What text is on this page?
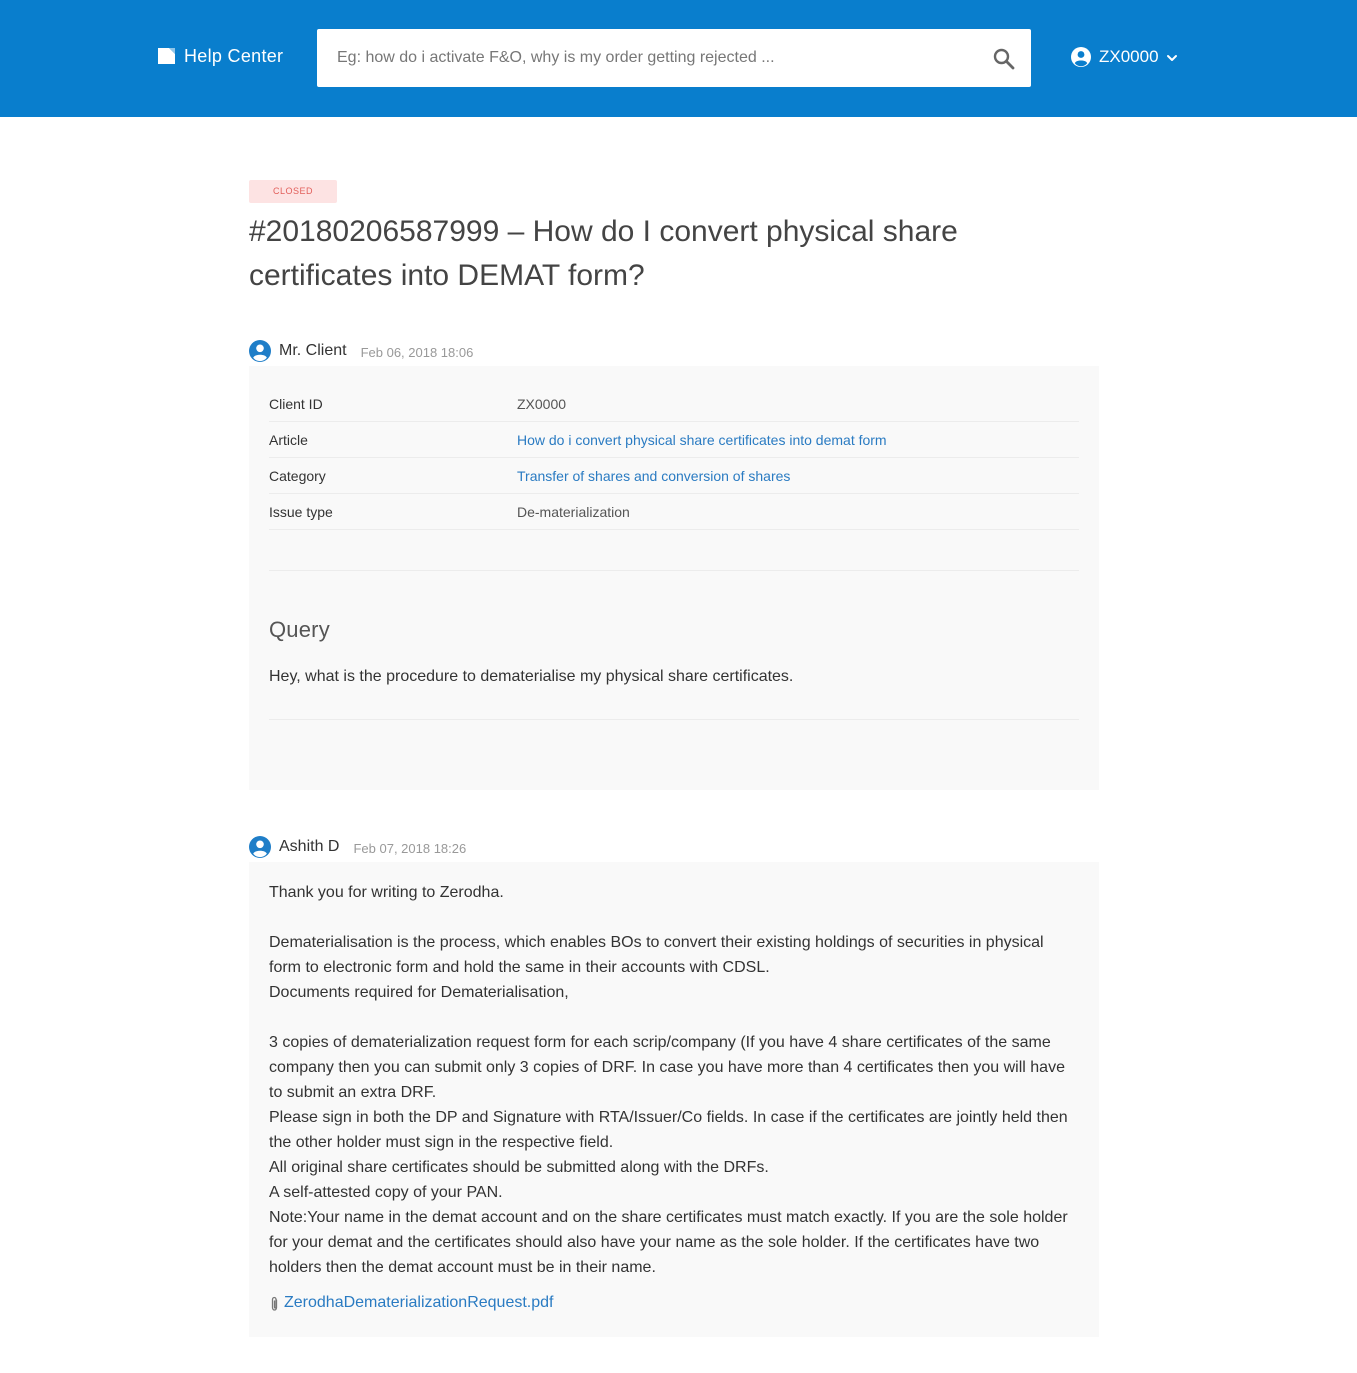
Help Center
Eg: how do i activate F&O, why is my order getting rejected ...	ZX0000
CLOSED
#20180206587999 – How do I convert physical share certificates into DEMAT form?
Mr. Client Feb 06, 2018 18:06
Client ID	ZX0000
Article	How do i convert physical share certificates into demat form
Category	Transfer of shares and conversion of shares
Issue type	De-materialization
Query
Hey, what is the procedure to dematerialise my physical share certificates.
Ashith D Feb 07, 2018 18:26

Thank you for writing to Zerodha.

Dematerialisation is the process, which enables BOs to convert their existing holdings of securities in physical form to electronic form and hold the same in their accounts with CDSL.

Documents required for Dematerialisation,

3 copies of dematerialization request form for each scrip/company (If you have 4 share certificates of the same company then you can submit only 3 copies of DRF. In case you have more than 4 certificates then you will have to submit an extra DRF.

Please sign in both the DP and Signature with RTA/Issuer/Co fields. In case if the certificates are jointly held then the other holder must sign in the respective field.

All original share certificates should be submitted along with the DRFs.

A self-attested copy of your PAN.

Note:Your name in the demat account and on the share certificates must match exactly. If you are the sole holder for your demat and the certificates should also have your name as the sole holder. If the certificates have two holders then the demat account must be in their name.

ZerodhaDematerializationRequest.pdf
